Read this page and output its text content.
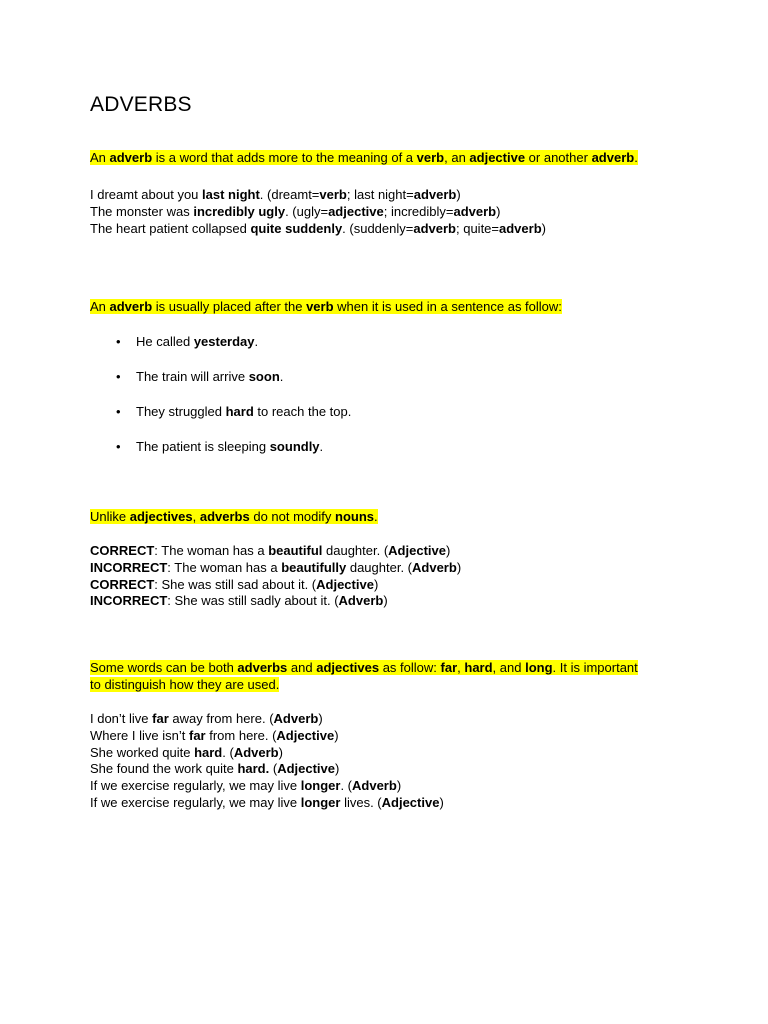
ADVERBS
An adverb is a word that adds more to the meaning of a verb, an adjective or another adverb.
I dreamt about you last night. (dreamt=verb; last night=adverb)
The monster was incredibly ugly. (ugly=adjective; incredibly=adverb)
The heart patient collapsed quite suddenly. (suddenly=adverb; quite=adverb)
An adverb is usually placed after the verb when it is used in a sentence as follow:
• He called yesterday.
• The train will arrive soon.
• They struggled hard to reach the top.
• The patient is sleeping soundly.
Unlike adjectives, adverbs do not modify nouns.
CORRECT: The woman has a beautiful daughter. (Adjective)
INCORRECT: The woman has a beautifully daughter. (Adverb)
CORRECT: She was still sad about it. (Adjective)
INCORRECT: She was still sadly about it. (Adverb)
Some words can be both adverbs and adjectives as follow: far, hard, and long. It is important
to distinguish how they are used.
I don’t live far away from here. (Adverb)
Where I live isn’t far from here. (Adjective)
She worked quite hard. (Adverb)
She found the work quite hard. (Adjective)
If we exercise regularly, we may live longer. (Adverb)
If we exercise regularly, we may live longer lives. (Adjective)
